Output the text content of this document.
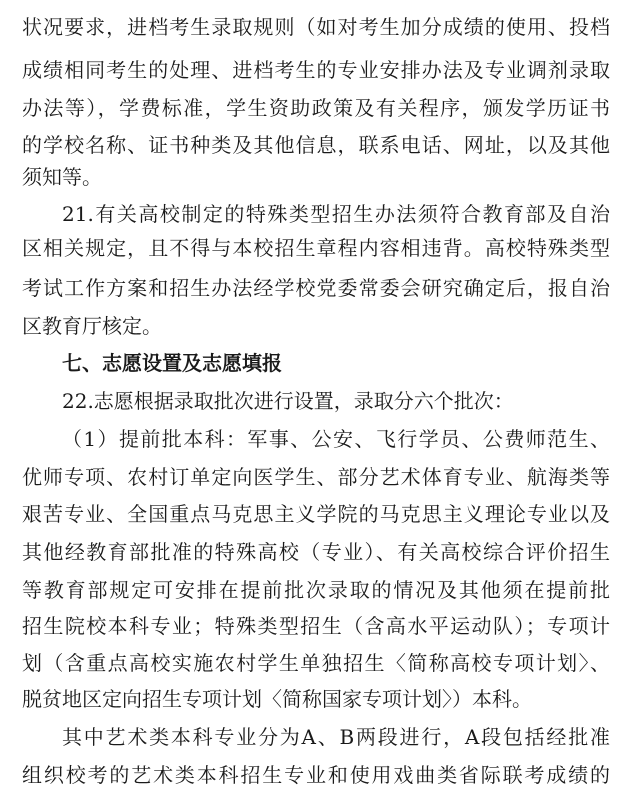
状况要求，进档考生录取规则（如对考生加分成绩的使用、投档
成绩相同考生的处理、进档考生的专业安排办法及专业调剂录取
办法等），学费标准，学生资助政策及有关程序，颁发学历证书
的学校名称、证书种类及其他信息，联系电话、网址，以及其他
须知等。
21.有关高校制定的特殊类型招生办法须符合教育部及自治
区相关规定，且不得与本校招生章程内容相违背。高校特殊类型
考试工作方案和招生办法经学校党委常委会研究确定后，报自治
区教育厅核定。
七、志愿设置及志愿填报
22.志愿根据录取批次进行设置，录取分六个批次：
（1）提前批本科：军事、公安、飞行学员、公费师范生、
优师专项、农村订单定向医学生、部分艺术体育专业、航海类等
艰苦专业、全国重点马克思主义学院的马克思主义理论专业以及
其他经教育部批准的特殊高校（专业）、有关高校综合评价招生
等教育部规定可安排在提前批次录取的情况及其他须在提前批
招生院校本科专业；特殊类型招生（含高水平运动队）；专项计
划（含重点高校实施农村学生单独招生〈简称高校专项计划〉、
脱贫地区定向招生专项计划〈简称国家专项计划〉）本科。
其中艺术类本科专业分为A、B两段进行，A段包括经批准
组织校考的艺术类本科招生专业和使用戏曲类省际联考成绩的
